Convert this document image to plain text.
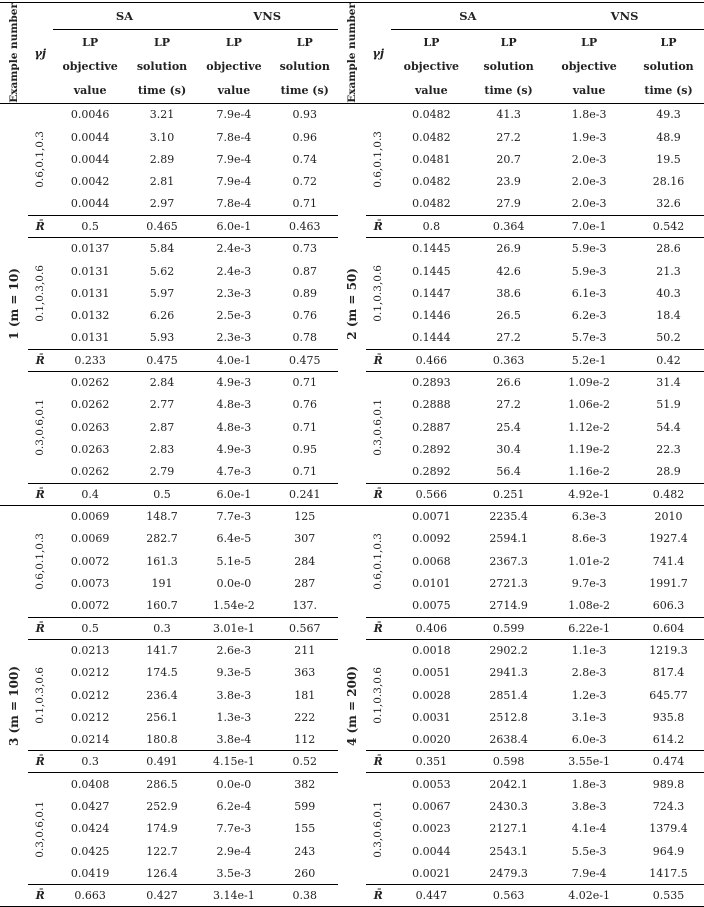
Example number	γj	SA		VNS		Example number	γj	SA		VNS	
		LP	LP	LP	LP			LP	LP	LP	LP
		objective	solution	objective	solution			objective	solution	objective	solution
		value	time (s)	value	time (s)			value	time (s)	value	time (s)

1 (m = 10)	0.6,0.1,0.3	0.0046	3.21	7.9e-4	0.93	2 (m = 50)	0.6,0.1,0.3	0.0482	41.3	1.8e-3	49.3
		0.0044	3.10	7.8e-4	0.96			0.0482	27.2	1.9e-3	48.9
		0.0044	2.89	7.9e-4	0.74			0.0481	20.7	2.0e-3	19.5
		0.0042	2.81	7.9e-4	0.72			0.0482	23.9	2.0e-3	28.16
		0.0044	2.97	7.8e-4	0.71			0.0482	27.9	2.0e-3	32.6
	R̄	0.5	0.465	6.0e-1	0.463		R̄	0.8	0.364	7.0e-1	0.542

	0.1,0.3,0.6	0.0137	5.84	2.4e-3	0.73		0.1,0.3,0.6	0.1445	26.9	5.9e-3	28.6
		0.0131	5.62	2.4e-3	0.87			0.1445	42.6	5.9e-3	21.3
		0.0131	5.97	2.3e-3	0.89			0.1447	38.6	6.1e-3	40.3
		0.0132	6.26	2.5e-3	0.76			0.1446	26.5	6.2e-3	18.4
		0.0131	5.93	2.3e-3	0.78			0.1444	27.2	5.7e-3	50.2
	R̄	0.233	0.475	4.0e-1	0.475		R̄	0.466	0.363	5.2e-1	0.42

	0.3,0.6,0.1	0.0262	2.84	4.9e-3	0.71		0.3,0.6,0.1	0.2893	26.6	1.09e-2	31.4
		0.0262	2.77	4.8e-3	0.76			0.2888	27.2	1.06e-2	51.9
		0.0263	2.87	4.8e-3	0.71			0.2887	25.4	1.12e-2	54.4
		0.0263	2.83	4.9e-3	0.95			0.2892	30.4	1.19e-2	22.3
		0.0262	2.79	4.7e-3	0.71			0.2892	56.4	1.16e-2	28.9
	R̄	0.4	0.5	6.0e-1	0.241		R̄	0.566	0.251	4.92e-1	0.482

3 (m = 100)	0.6,0.1,0.3	0.0069	148.7	7.7e-3	125	4 (m = 200)	0.6,0.1,0.3	0.0071	2235.4	6.3e-3	2010
		0.0069	282.7	6.4e-5	307			0.0092	2594.1	8.6e-3	1927.4
		0.0072	161.3	5.1e-5	284			0.0068	2367.3	1.01e-2	741.4
		0.0073	191	0.0e-0	287			0.0101	2721.3	9.7e-3	1991.7
		0.0072	160.7	1.54e-2	137.			0.0075	2714.9	1.08e-2	606.3
	R̄	0.5	0.3	3.01e-1	0.567		R̄	0.406	0.599	6.22e-1	0.604

	0.1,0.3,0.6	0.0213	141.7	2.6e-3	211		0.1,0.3,0.6	0.0018	2902.2	1.1e-3	1219.3
		0.0212	174.5	9.3e-5	363			0.0051	2941.3	2.8e-3	817.4
		0.0212	236.4	3.8e-3	181			0.0028	2851.4	1.2e-3	645.77
		0.0212	256.1	1.3e-3	222			0.0031	2512.8	3.1e-3	935.8
		0.0214	180.8	3.8e-4	112			0.0020	2638.4	6.0e-3	614.2
	R̄	0.3	0.491	4.15e-1	0.52		R̄	0.351	0.598	3.55e-1	0.474

	0.3,0.6,0.1	0.0408	286.5	0.0e-0	382		0.3,0.6,0.1	0.0053	2042.1	1.8e-3	989.8
		0.0427	252.9	6.2e-4	599			0.0067	2430.3	3.8e-3	724.3
		0.0424	174.9	7.7e-3	155			0.0023	2127.1	4.1e-4	1379.4
		0.0425	122.7	2.9e-4	243			0.0044	2543.1	5.5e-3	964.9
		0.0419	126.4	3.5e-3	260			0.0021	2479.3	7.9e-4	1417.5
	R̄	0.663	0.427	3.14e-1	0.38		R̄	0.447	0.563	4.02e-1	0.535
